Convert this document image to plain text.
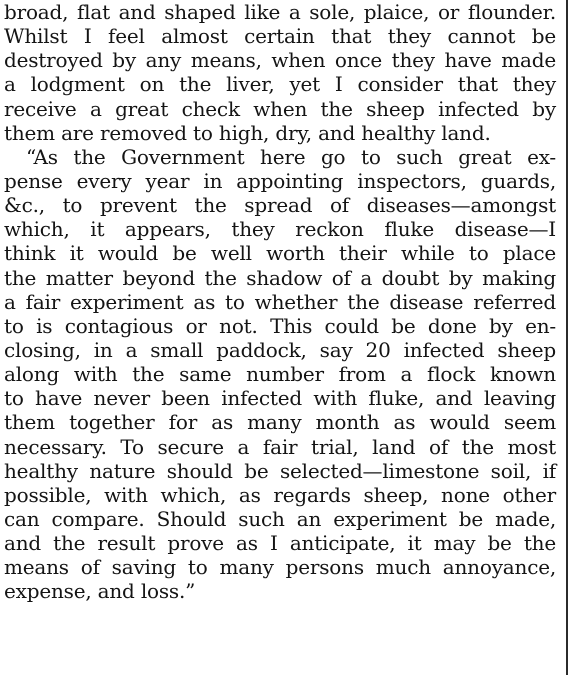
broad, flat and shaped like a sole, plaice, or flounder.
Whilst I feel almost certain that they cannot be
destroyed by any means, when once they have made
a lodgment on the liver, yet I consider that they
receive a great check when the sheep infected by
them are removed to high, dry, and healthy land.
“As the Government here go to such great ex-
pense every year in appointing inspectors, guards,
&c., to prevent the spread of diseases—amongst
which, it appears, they reckon fluke disease—I
think it would be well worth their while to place
the matter beyond the shadow of a doubt by making
a fair experiment as to whether the disease referred
to is contagious or not. This could be done by en-
closing, in a small paddock, say 20 infected sheep
along with the same number from a flock known
to have never been infected with fluke, and leaving
them together for as many month as would seem
necessary. To secure a fair trial, land of the most
healthy nature should be selected—limestone soil, if
possible, with which, as regards sheep, none other
can compare. Should such an experiment be made,
and the result prove as I anticipate, it may be the
means of saving to many persons much annoyance,
expense, and loss.”
